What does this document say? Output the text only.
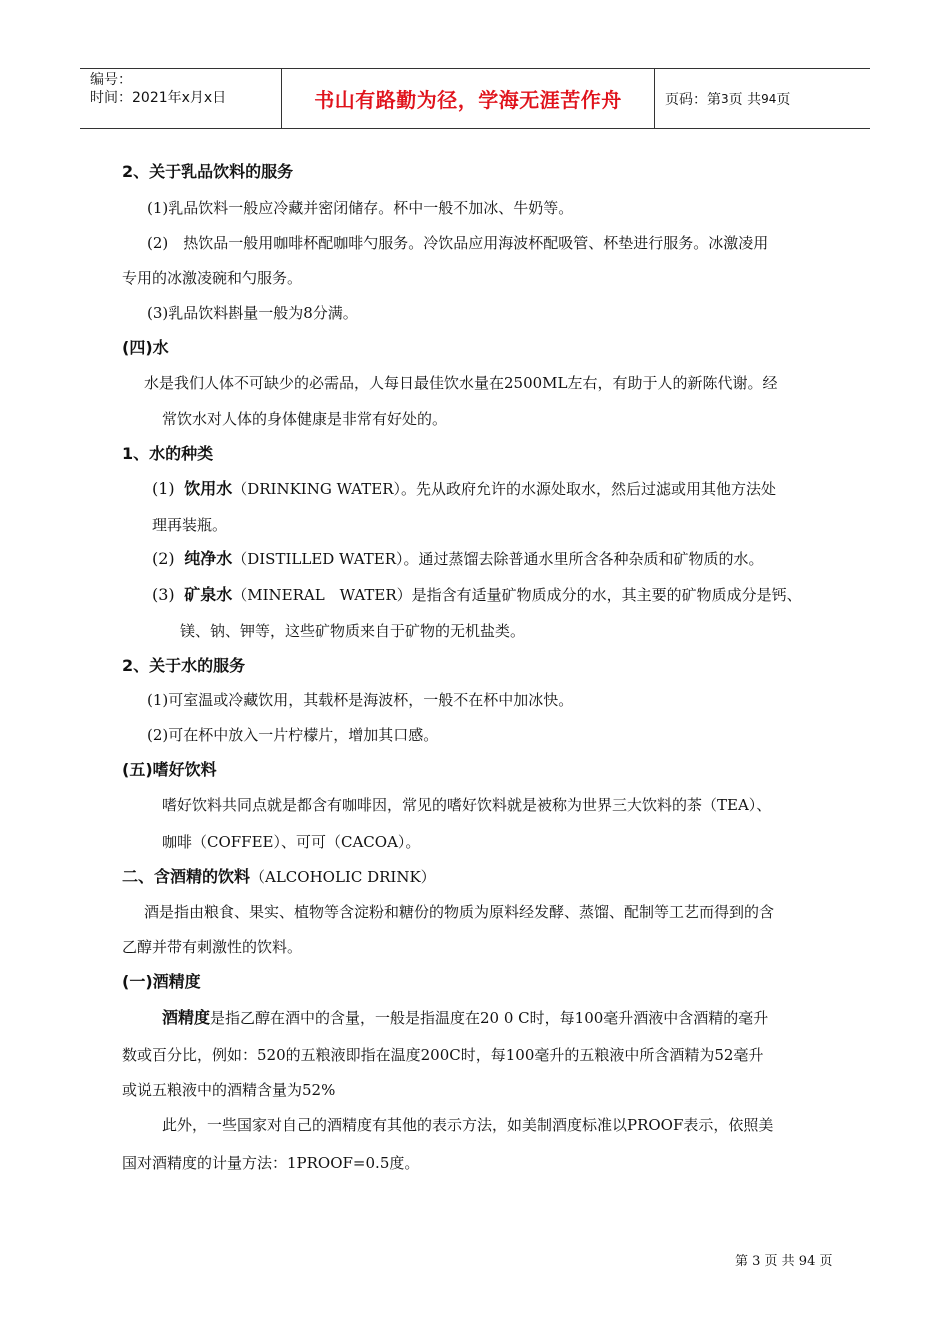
编号：
时间：2021年x月x日	书山有路勤为径，学海无涯苦作舟	页码：第 3 页 共 94 页
2、关于乳品饮料的服务
(1)乳品饮料一般应冷藏并密闭储存。杯中一般不加冰、牛奶等。
(2)　热饮品一般用咖啡杯配咖啡勺服务。冷饮品应用海波杯配吸管、杯垫进行服务。冰激凌用
专用的冰激凌碗和勺服务。
(3)乳品饮料斟量一般为8分满。
(四)水
水是我们人体不可缺少的必需品，人每日最佳饮水量在2500ML左右，有助于人的新陈代谢。经
常饮水对人体的身体健康是非常有好处的。
1、水的种类
(1) 饮用水（DRINKING WATER）。先从政府允许的水源处取水，然后过滤或用其他方法处
理再装瓶。
(2) 纯净水（DISTILLED WATER）。通过蒸馏去除普通水里所含各种杂质和矿物质的水。
(3) 矿泉水（MINERAL　WATER）是指含有适量矿物质成分的水，其主要的矿物质成分是钙、
镁、钠、钾等，这些矿物质来自于矿物的无机盐类。
2、关于水的服务
(1)可室温或冷藏饮用，其载杯是海波杯，一般不在杯中加冰快。
(2)可在杯中放入一片柠檬片，增加其口感。
(五)嗜好饮料
嗜好饮料共同点就是都含有咖啡因，常见的嗜好饮料就是被称为世界三大饮料的茶（TEA）、
咖啡（COFFEE）、可可（CACOA）。
二、含酒精的饮料（ALCOHOLIC DRINK）
酒是指由粮食、果实、植物等含淀粉和糖份的物质为原料经发酵、蒸馏、配制等工艺而得到的含
乙醇并带有刺激性的饮料。
(一)酒精度
酒精度是指乙醇在酒中的含量，一般是指温度在20 0 C时，每100毫升酒液中含酒精的毫升
数或百分比，例如：520的五粮液即指在温度200C时，每100毫升的五粮液中所含酒精为52毫升
或说五粮液中的酒精含量为52%
此外，一些国家对自己的酒精度有其他的表示方法，如美制酒度标准以PROOF表示，依照美
国对酒精度的计量方法：1PROOF=0.5度。
第 3 页 共 94 页
